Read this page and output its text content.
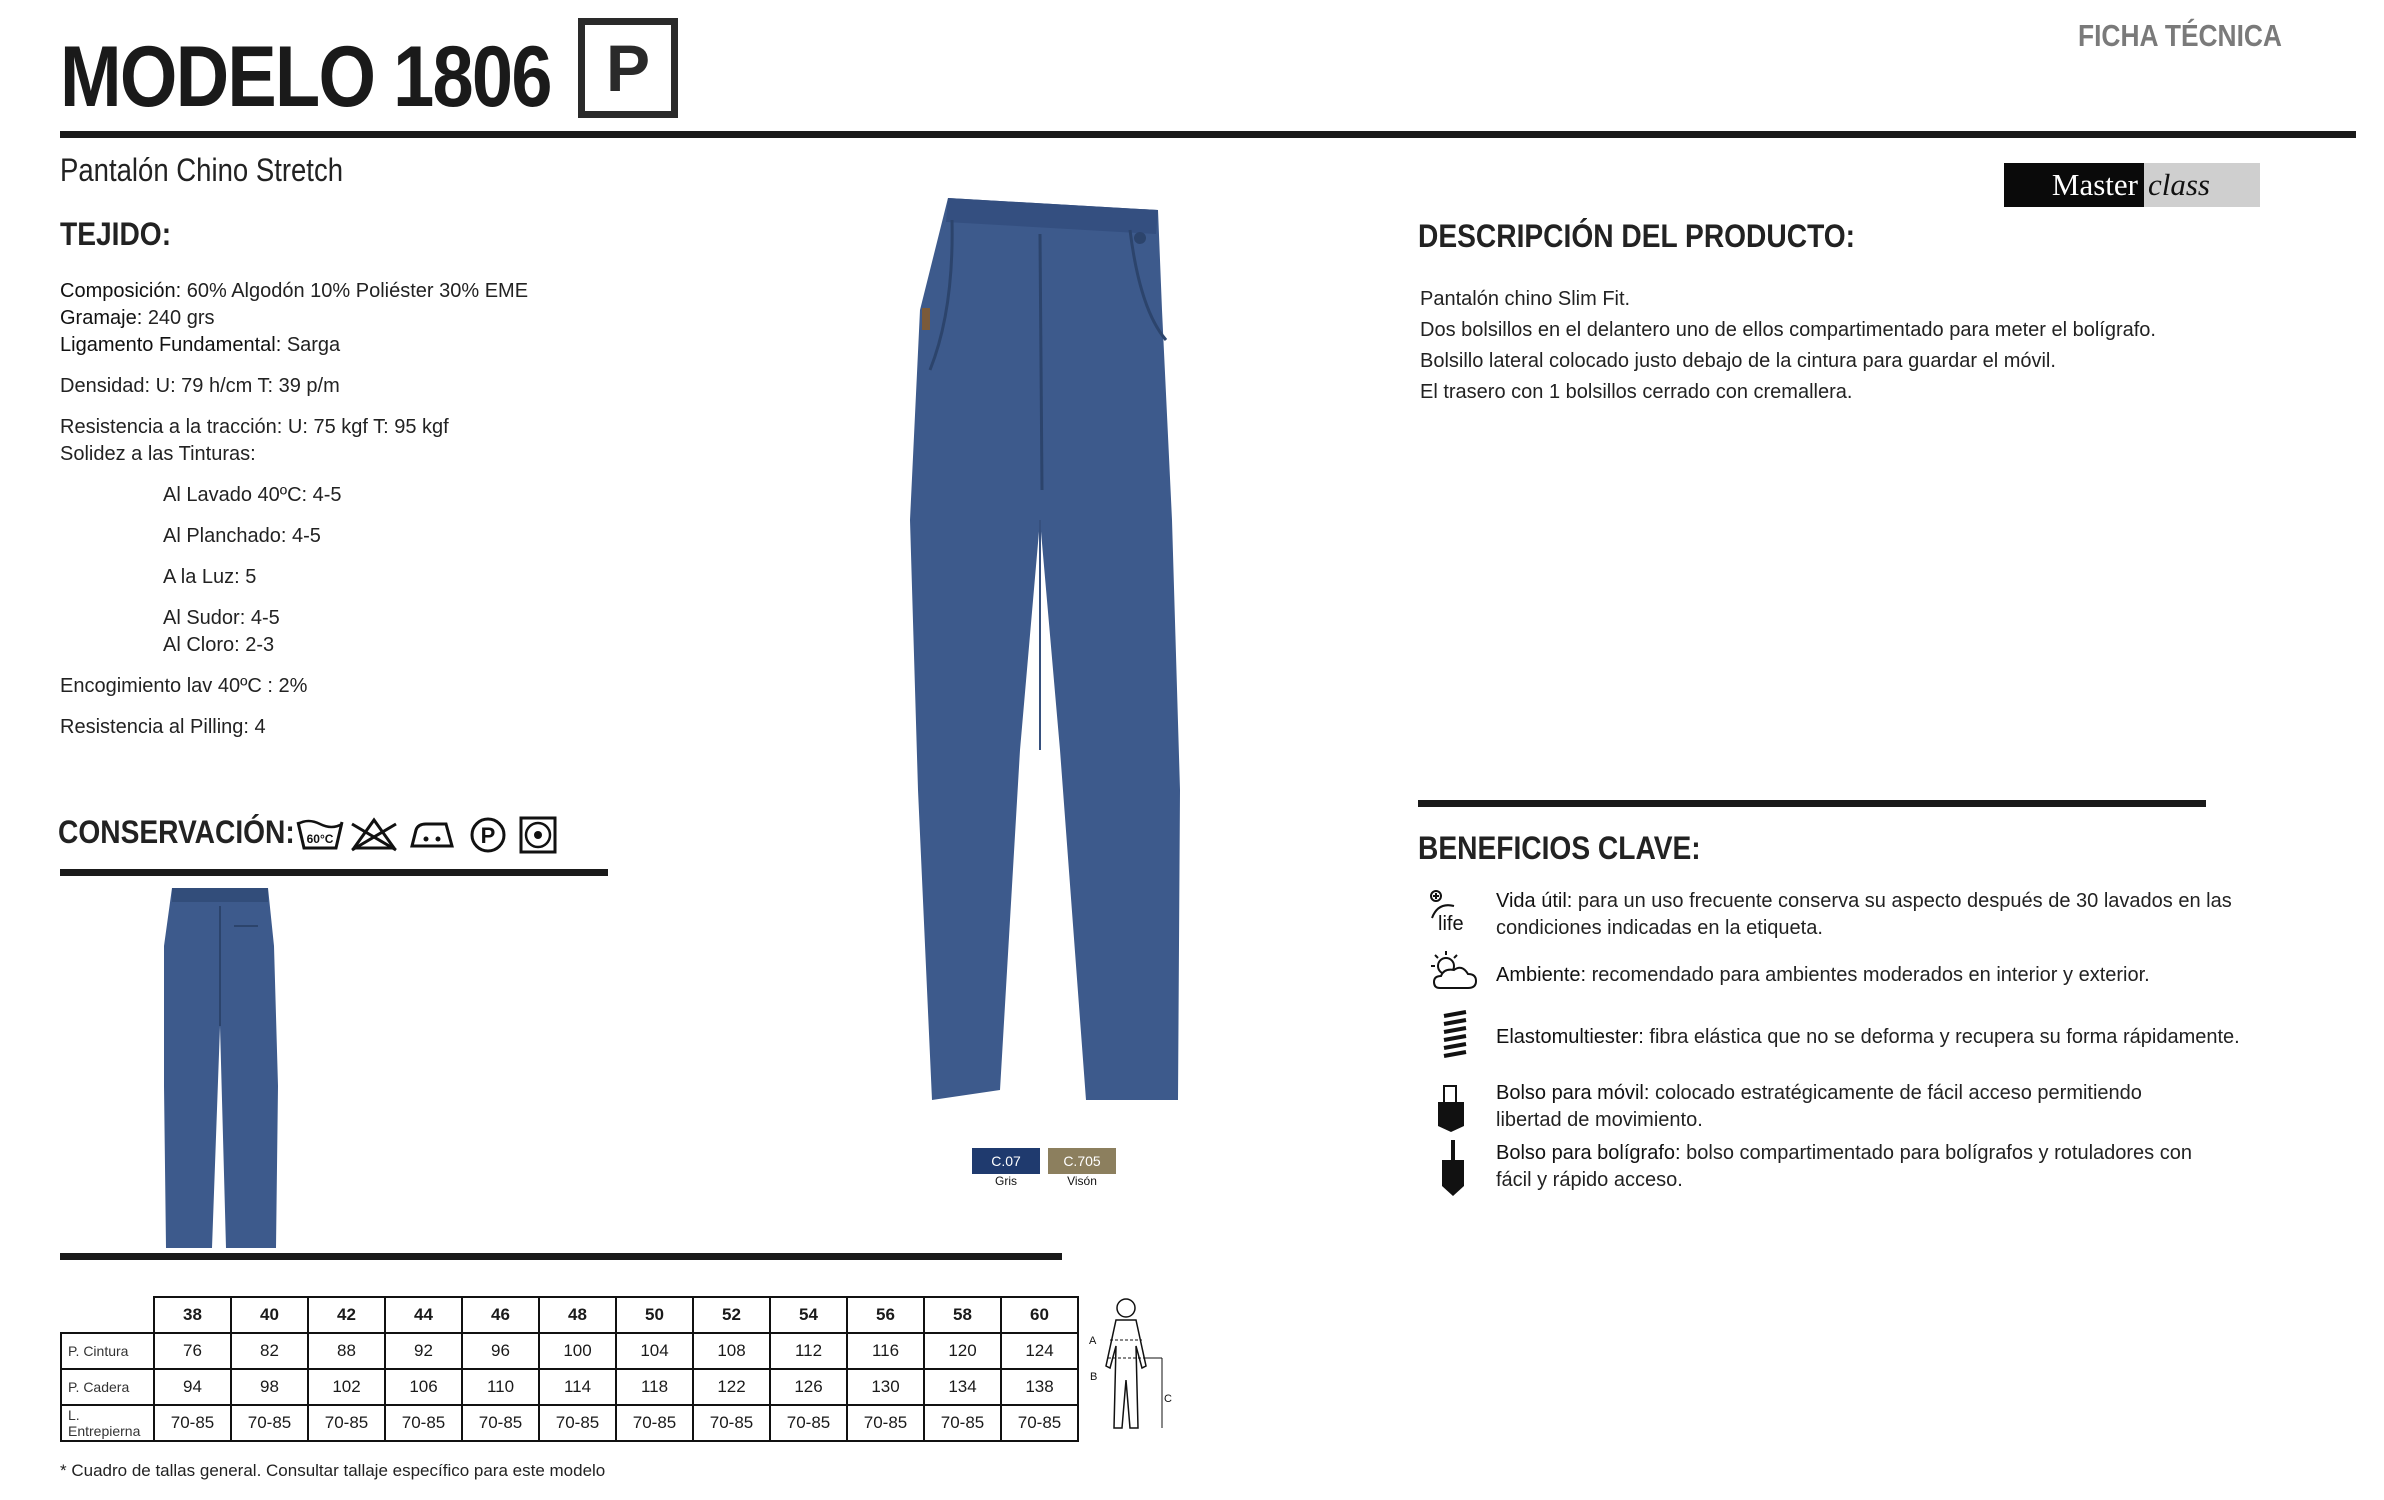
MODELO 1806 P	FICHA TÉCNICA
Pantalón Chino Stretch	Master class
TEJIDO:
Composición: 60% Algodón 10% Poliéster 30% EME
Gramaje: 240 grs
Ligamento Fundamental: Sarga
Densidad: U: 79 h/cm T: 39 p/m
Resistencia a la tracción: U: 75 kgf T: 95 kgf
Solidez a las Tinturas:
Al Lavado 40ºC: 4-5
Al Planchado: 4-5
A la Luz: 5
Al Sudor: 4-5
Al Cloro: 2-3
Encogimiento lav 40ºC : 2%
Resistencia al Pilling: 4
CONSERVACIÓN: 60°C	P
C.07
Gris
C.705
Visón
DESCRIPCIÓN DEL PRODUCTO:
Pantalón chino Slim Fit.
Dos bolsillos en el delantero uno de ellos compartimentado para meter el bolígrafo.
Bolsillo lateral colocado justo debajo de la cintura para guardar el móvil.
El trasero con 1 bolsillos cerrado con cremallera.
BENEFICIOS CLAVE:
life
Vida útil: para un uso frecuente conserva su aspecto después de 30 lavados en las condiciones indicadas en la etiqueta.
Ambiente: recomendado para ambientes moderados en interior y exterior.
Elastomultiester: fibra elástica que no se deforma y recupera su forma rápidamente.
Bolso para móvil: colocado estratégicamente de fácil acceso permitiendo libertad de movimiento.
Bolso para bolígrafo: bolso compartimentado para bolígrafos y rotuladores con fácil y rápido acceso.
	38	40	42	44	46	48	50	52	54	56	58	60
P. Cintura	76	82	88	92	96	100	104	108	112	116	120	124
P. Cadera	94	98	102	106	110	114	118	122	126	130	134	138
L. Entrepierna	70-85	70-85	70-85	70-85	70-85	70-85	70-85	70-85	70-85	70-85	70-85	70-85
A
B
C
* Cuadro de tallas general. Consultar tallaje específico para este modelo
